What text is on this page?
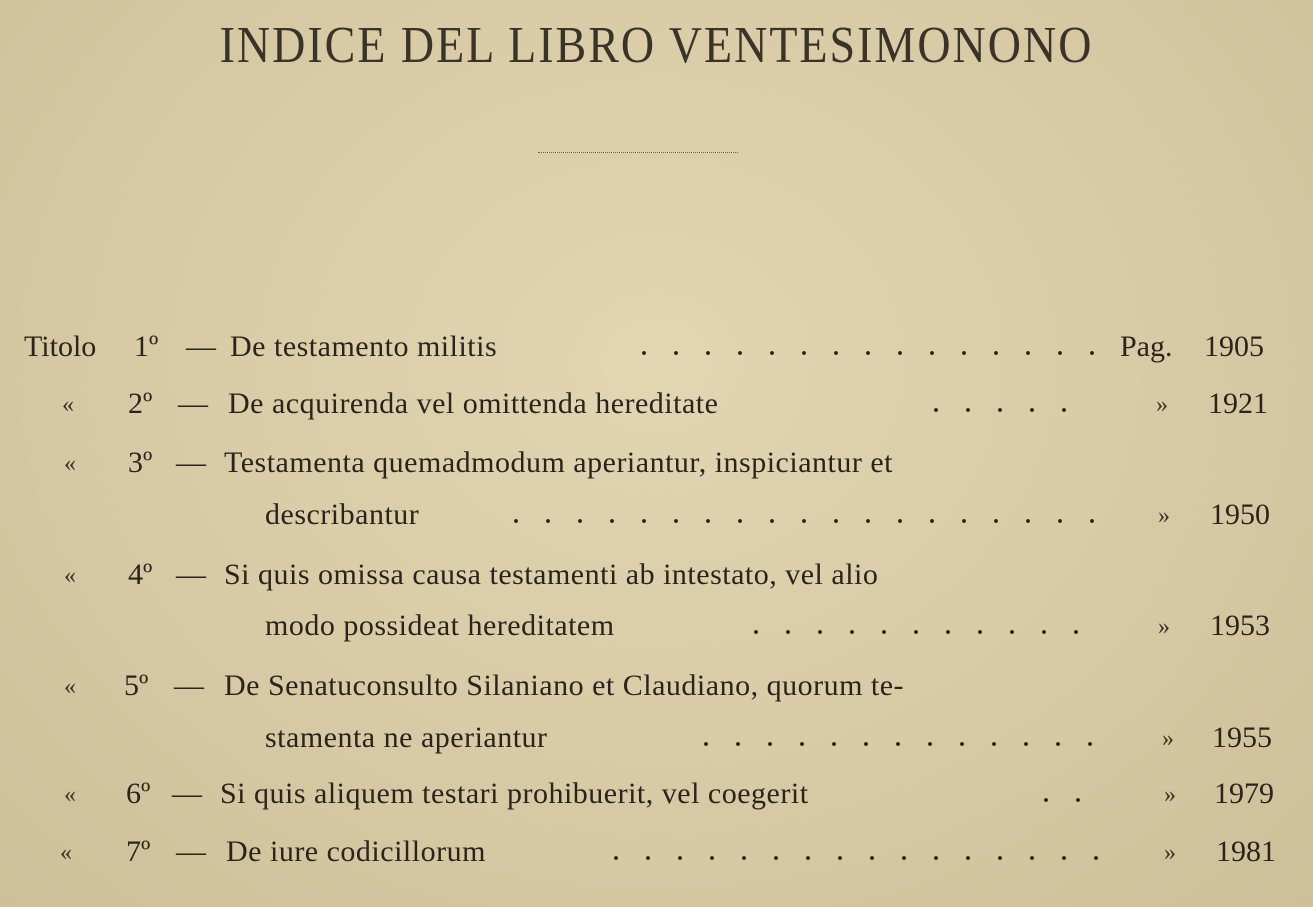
INDICE DEL LIBRO VENTESIMONONO
Titolo 1º — De testamento militis	Pag. 1905
« 2º — De acquirenda vel omittenda hereditate	» 1921
« 3º — Testamenta quemadmodum aperiantur, inspiciantur et
describantur	» 1950
« 4º — Si quis omissa causa testamenti ab intestato, vel alio
modo possideat hereditatem	» 1953
« 5º — De Senatuconsulto Silaniano et Claudiano, quorum te-
stamenta ne aperiantur	» 1955
« 6º — Si quis aliquem testari prohibuerit, vel coegerit	» 1979
« 7º — De iure codicillorum	» 1981
